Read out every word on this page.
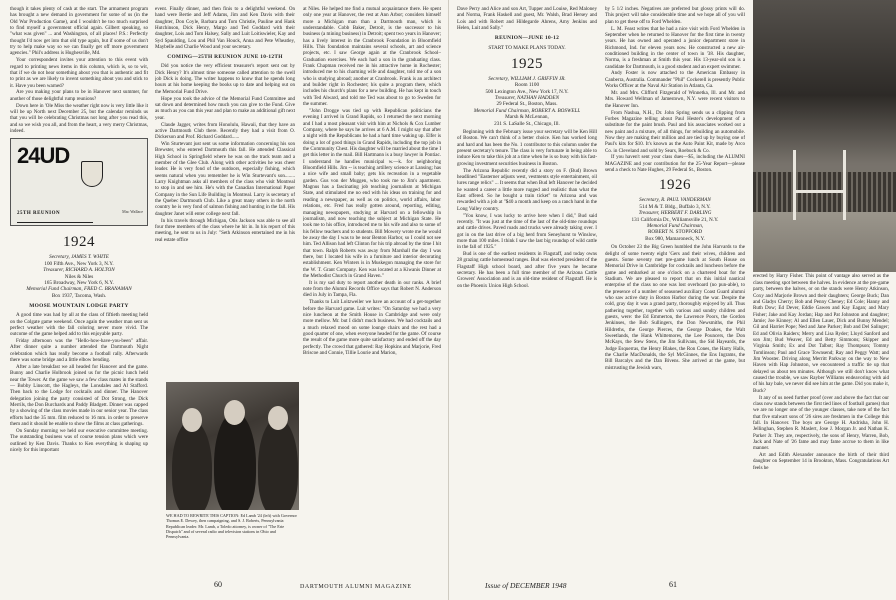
though it takes plenty of cash at the start. The armament program has brought a new demand in government for some of us (in the Old War Production Game), and I wouldn't be too much surprised to find myself a government official again. Gilbert speaking, so "what was given" ... and Washington, of all places! P.S.: Perfectly thought I'd now get into that old type again, but if some of us don't try to help make way so we can finally get off more government agencies." Phil's address is Hughesville, Md.

Your correspondent invites your attention to this event with regard to printing news items in this column, which is, so to wit, that if we do not hear something about you that is authentic and fit to print as we are likely to invent something about you and stick to it. Have you been warned?

Are you making your plans to be in Hanover next summer, for another of those delightful rump reunions?

Down here in 'Ole Miss the weather right now is very little like it will be up North next December 25, but the calendar reminds us that you will be celebrating Christmas not long after you read this, and so we wish you all, and from the heart, a very merry Christmas, indeed.

24UD
25TH REUNION	Mac Wallace
1924
Secretary, JAMES T. WHITE
100 Fifth Ave., New York 3, N.Y.
Treasurer, RICHARD A. HOLTON
Niles & Niles
165 Broadway, New York 6, N.Y.
Memorial Fund Chairman, FRED C. BRANAMAN
Box 1937, Tacoma, Wash.
MOOSE MOUNTAIN LODGE PARTY

A good time was had by all at the class of fiftieth meeting held on the Colgate game weekend. Once again the weather man sent us perfect weather with the fall coloring never more vivid. The outcome of the game helped add to this enjoyable party.

Friday afternoon was the "Hello-how-have-you-been" affair. After dinner quite a number attended the Dartmouth Night celebration which has really become a football rally. Afterwards there was some bridge and a little elbow bending.

After a late breakfast we all headed for Hanover and the game. Bunny and Charlie Holbrook joined us for the picnic lunch held near the Tower. At the game we saw a few class mates in the stands — Bobby Linscott, the Hagleys, the Lonsdales and Al Stafford. Then back to the Lodge for cocktails and dinner. The Hanover delegation joining the party consisted of Dot Strong, the Dick Merrils, the Don Burchards and Paddy Bladgett. Dinner was capped by a showing of the class movies made in our senior year. The class efforts had the 35 mm. film reduced to 16 mm. in order to preserve them and it should be enable to show the films at class gatherings.

On Sunday morning we held our executive committee meeting. The outstanding business was of course tension plans which were outlined by Ken Davis. Thanks to Ken everything is shaping up nicely for this important

event. Finally dinner, and then finis to a delightful weekend. On hand were Bertie and Jeff Adams, Jim and Ken Davis with their daughter, Don Coyle, Barbara and Tom Christie, Pauline and Hank Hutchinson, Dick Henry, Margo and Ted Goddard with their daughter, Lois and Tom Halsey, Sally and Luit Loitiswieler, Kay and Syd Spaulding, Lou and Phil Van Houck, Anna and Pete Wheatley, Maybelle and Charlie Wood and your secretary.

COMING—25TH REUNION JUNE 10-12TH

Did you notice the very efficient treasurer's report sent out by Dick Henry? It's almost time someone called attention to the swell job Dick is doing. The writer happens to know that he spends long hours at his home keeping the books up to date and helping out on the Memorial Fund Drive.

Hope you took the advice of the Memorial Fund Committee and sat down and determined how much you can give to the Fund. Give as much as you can this year and plan to make an additional gift next year.

Claude Jagger, writes from Honolulu, Hawaii, that they have an active Dartmouth Club there. Recently they had a visit from O. Dickerson and Prof. Richard Goddard......

Win Sturtevant just sent us some information concerning his son Brewster, who entered Dartmouth this fall. He attended Classical High School in Springfield where he was on the track team and a member of the Glee Club. Along with other activities he was cheer leader. He is very fond of the outdoors, especially fishing, which seems natural when you remember he is Win Sturtevant's son........ Larry Knightman asks all members of the class who visit Montreal to stop in and see him. He's with the Canadian International Paper Company in the Sun Life Building in Montreal. Larry is secretary of the Quebec Dartmouth Club. Like a great many others in the north country he is very fond of salmon fishing and hunting in the fall. His daughter Janet will enter college next fall.

In his travels through Michigan, Otis Jackson was able to see all four three members of the class where he hit in. In his report of this meeting, he sent to us in July: "Seth Atkinson entertained me in his real estate office

at Niles. He helped me find a mutual acquaintance there. He spent only one year at Hanover, the rest at Ann Arbor; considers himself more a Michigan man than a Dartmouth man, which is understandable. Cobb Baker, Detroit, is the successor to his business (a mining business) in Detroit; spent two years in Hanover; has a lively interest in the Cranbrook Foundation in Bloomfield Hills. This foundation maintains several schools, art and science projects, etc. I saw George again at the Cranbrook School–Graduation exercises. We each had a son in the graduating class. Frank Chapman received me in his attractive home in Rochester; introduced me to his charming wife and daughter, told me of a son who is studying abroad; another at Cranbrook. Frank is an architect and builder right in Rochester; his quite a program there, which includes his church's plans for a new building. He has kept in touch with Ted Alward, and told me Ted was about to go to Sweden for the summer.

"John Drogge was tied up with Republican politicians the evening I arrived in Grand Rapids, so I returned the next morning and I had a most pleasant visit with him at Nichols & Cox Lumber Company, where he says he arrives at 6 A.M. I might say that after a night with the Republicans he had a hard time waking up. Elfer is doing a lot of good things in Grand Rapids, including the top job in the Community Chest. His daughter will be married about the time I get this letter in the mail. Bill Hartmann is a busy lawyer in Pontiac. I understand he handles municipal w.—k. for neighboring Bloomfield Hills. Jim ‑‑ is teaching artillery science at Lansing; has a nice wife and small baby; gets his recreation in a vegetable garden. Gus von der Muggen, who took me to Jim's apartment. Magnus has a fascinating job teaching journalism at Michigan State, and stimulated me no end with his ideas on training for and reading a newspaper, as well as on politics, world affairs, labor relations, etc. Fred has really gotten around, reporting, editing, managing newspapers, studying at Harvard on a fellowship in journalism, and now teaching the subject at Michigan State. He took me to his office, introduced me to his wife and also to some of his fellow teachers and to students. Bill Mowery wrote me he would be away the day I was to be near Benton Harbor, so I could not see him. Ted Allison had left Clinton for his trip abroad by the time I hit that town. Ralph Roberts was away from Marshall the day I was there, but I located his wife in a furniture and interior decorating establishment. Ken Winters is in Muskegon managing the store for the W. T. Grant Company. Ken was located at a Kiwanis Dinner at the Methodist Church in Grand Haven."

It is my sad duty to report another death in our ranks. A brief note from the Alumni Records Office says that Robert N. Anderson died in July in Tampa, Fla.

Thanks to Luit Loitzweiler we have an account of a get-together before the Harvard game. Luit writes: "On Saturday we had a very nice luncheon at the Smith House in Cambridge and were only more mellow. Mr. but I didn't much business. We had cocktails and a much relaxed mood on some lounge chairs and the rest had a good quarter of one, when everyone headed for the game. Of course the result of the game more quite satisfactory and ended off the day perfectly. The crowd that gathered: Ray Hopkins and Marjorie, Fred Briscoe and Connie, Tillie Lourie and Marion,

WE HAD TO REWRITE THIS CAPTION: Ed Lamb '24 (left) with Governor Thomas E. Dewey, then campaigning, and S. J. Roberts, Pennsylvania Republican leader. Mr. Lamb, a Toledo attorney, is owner of "The Erie Dispatch" and of several radio and television stations in Ohio and Pennsylvania.
60	DARTMOUTH ALUMNI MAGAZINE

Dave Perry and Alice and son Art, Tupper and Louise, Red Maloney and Norma, Frank Haskell and guest, Mr. Walsh, Brad Hersey and Lois and with Robert and Hildegarde Ahrens, Amy Jenkins and Helen, Luit and Sally."

REUNION—JUNE 10-12
START TO MAKE PLANS TODAY.
1925
Secretary, WILLIAM J. GRIFFIN JR.
Room 1100
500 Lexington Ave., New York 17, N.Y.
Treasurer, NATHAN HADDEN
29 Federal St., Boston, Mass.
Memorial Fund Chairman, ROBERT A. BOSWELL
Marsh & McLennan,
231 S. LaSalle St., Chicago, Ill.

Beginning with the February issue your secretary will be Ken Hill of Boston. We can't think of a better choice. Ken has worked long and hard and has been the No. 1 contributor to this column under the present secretary's tenure. The class is very fortunate in being able to induce Ken to take this job at a time when he is so busy with his fast-growing investment securities business in Boston.

The Arizona Republic recently did a story on F. (Bud) Brown headlined "Easterner adjusts west, vestments style entertainment, oil lures range relics" ... It seems that when Bud left Hanover he decided he wanted a career a little more rugged and realistic than what the East offered. So he bought a train ticket" to Arizona and was rewarded with a job at "$40 a month and keep on a ranch hand in the Long Valley country.

"You know, I was lucky to arrive here when I did," Bud said recently. "It was just at the time of the last of the old-time roundups and cattle drives. Paved roads and trucks were already taking over. I got in on the last drive of a big herd from Seneyhurst to Winslow, more than 100 miles. I think I saw the last big roundup of wild cattle in the fall of 1925."

Bud is one of the earliest residents in Flagstaff, and today owns 28 grazing cattle homestead ranges. Bud was elected president of the Flagstaff High school board, and after five years he became secretary. He has been a full time member of the Arizona Cattle Growers' Association and is an old-time resident of Flagstaff. He is on the Phoenix Union High School.

by 5 1/2 inches. Negatives are preferred but glossy prints will do. This project will take considerable time and we hope all of you will plan to get these off to Ford Whelden.

L. M. Feast writes that he had a nice visit with Ford Whelden in September when he returned to Hanover for the first time in twenty years. He has owned and operated a junior department store in Richmond, Ind. for eleven years now. He constructed a new air-conditioned building in the center of town in '38. His daughter, Norma, is a freshman at Smith this year. His 13-year-old son is a candidate for Dartmouth, is a good student and an expert swimmer.

Andy Foster is now attached to the American Embassy in Canberra, Australia. Commander "Phil" Cockerell is presently Public Works Officer at the Naval Air Station in Atlanta, Ga.

Mr. and Mrs. Clifford Fitzgerald of Winnetka, Ill. and Mr. and Mrs. Howard Wellman of Jamestown, N.Y. were recent visitors to the Hanover Inn.

From Nashua, N.H., Dr. John Spring sends us a clipping from Forbes Magazine telling about Paul Hester's development of a substitute for the paint brush. Paul and his associates worked out a new paint and a mixture, of all things, for rebuilding an automobile. Now they are making their million and are tied up by buying one of Paul's kits for $10. It's known as the Auto Paint Kit, made by Arco Co. in Cleveland and sold by Sears, Roebuck & Co.

If you haven't sent your class dues—$5, including the ALUMNI MAGAZINE and your contribution for the 25-Year Report—please send a check to Nate Hughes, 29 Federal St., Boston.

1926
Secretary, R. PAUL VANDERMAN
514 M & T. Bldg., Buffalo 3, N.Y.
Treasurer, HERBERT F. DARLING
131 California Dr., Williamsville 21, N.Y.
Memorial Fund Chairman,
ROBERT N. STOPFORD
Box 980, Mamaroneck, N.Y.

On October 23 the Big Green humbled the John Harvards to the delight of some twenty eight 'Gers and their wives, children and guests. Some seventy met pre-game lunch at South House on Memorial Drive in Cambridge for cocktails and luncheon before the game and embarked at one o'clock on a chartered boat for the Stadium. We are pleased to report that on this initial nautical enterprise of the class no one was lost overboard (no pun-able), to the presence of a number of seasoned auxiliary Coast Guard alumni who saw active duty in Boston Harbor during the war. Despite the cold, gray day it was a grand party, thoroughly enjoyed by all. Thus pathering together, together with various and sundry children and guests, were: the Ed Emmerton, the Lawrence Poors, the Gordon Jenkinses, the Bob Sullingers, the Don Newsmiths, the Phil Hildreths, the George Pierces, the George Doakes, the Walt Sweetlands, the Hank Whittemores, the Lee Pouncers, the Don McKays, the Stew Stens, the Jim Sullivans, the Sid Hayeards, the Judge Esquerras, the Henry Blakes, the Ron Cones, the Harry Halls, the Charlie MacDonalds, the Syl McGinnes, the Ens Ingrams, the Bill Barcalys and the Dan Bivens. She arrived at the game, but mistrusting the Jewish wars,

erected by Harry Fisher. This point of vantage also served as the class meeting spot between the halves. In evidence at the pre-game party, between the halves, or on the stands were Henry Atkinson, Coxy and Marjorie Brown and their daughters; George Buck; Dan and Gladys Cherry; Bob and Penny Cheney; Ed Cole; Hanny and Ruth Dow; Ed Dever, Eddie Gawen and Kay Eagan; and Mary Fisher; Jake and Kay Jordan; Hap and Pat Johnston and daughter; Jamie; Joe Kinney; Al and Ellen Lauer, Dick and Bunny Mendel; Gil and Harriet Pope; Ned and Jane Parker; Bob and Del Salinger; Ed and Olivia Raiders; Merry and Lisa Ryder; Lloyd Sanford and son Jim; Bud Weaver, Ed and Betty Simmons; Skipper and Virginia Smith; Ex and Dot Talbot; Ray Thompson; Tommy Tomlinson; Paul and Grace Townsend; Ray and Peggy Watt; and Jim Wooster. Driving along Merritt Parkway on the way to New Haven with Hap Johnston, we encountered a traffic tie up that delayed us about ten minutes. Although we still don't know what caused the trouble, we saw Rayber Williams endeavoring with aid of his hay bale, we never did see him at the game. Did you make it, Buck?

It any of us need further proof (over and above the fact that our class now stands between the first tied lines of football games) that we are no longer one of the younger classes, take note of the fact that five stalwart sons of '26 sires are freshmen in the College this fall. In Hanover. The boys are George H. Andrisha, John H. Jellinghan, Stephen R. Maslert, Jose J. Morgan Jr. and Nathan K. Parker Jr. They are, respectively, the sons of Henry, Warren, Bob, Jack and Nate of '26 fame and may fame accrue to them in like manner.

Art and Edith Alexander announce the birth of their third daughter on September 14 in Brookton, Mass. Congratulations Art feels he

Issue of DECEMBER 1948	61
